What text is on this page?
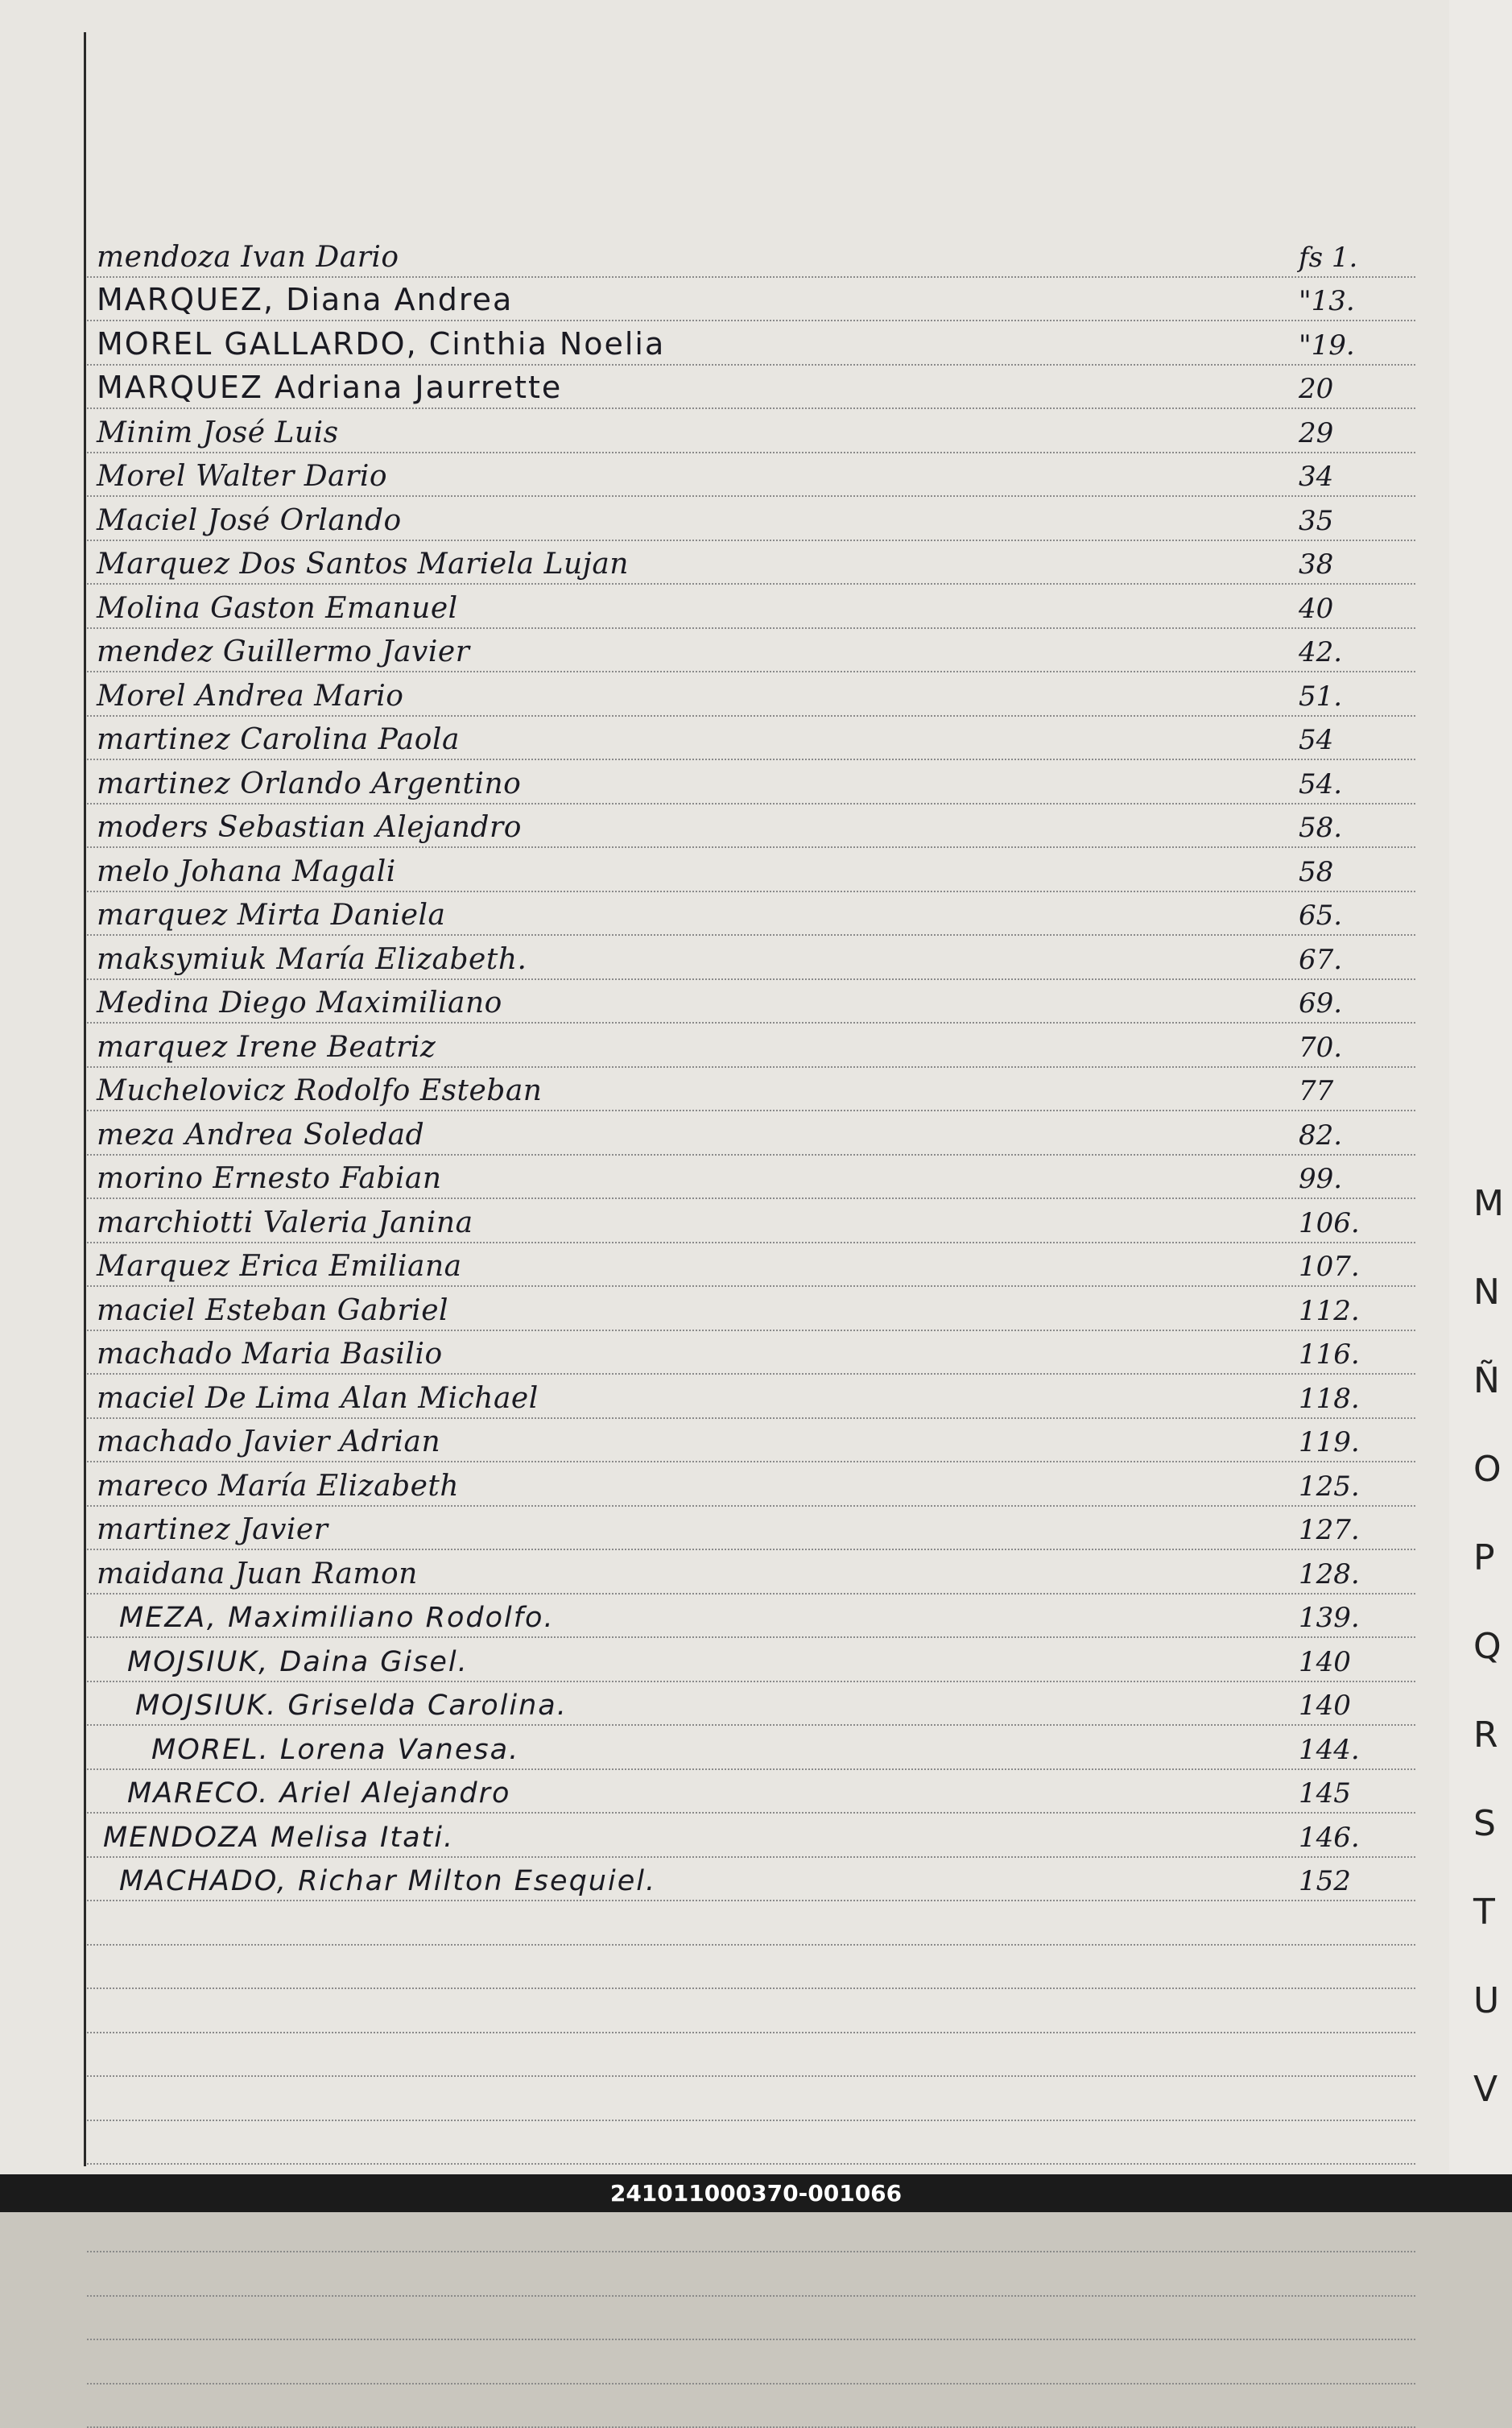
mendoza Ivan Dario	fs 1.
MARQUEZ, Diana Andrea	"13.
MOREL GALLARDO, Cinthia Noelia	"19.
MARQUEZ Adriana Jaurrette	20
Minim José Luis	29
Morel Walter Dario	34
Maciel José Orlando	35
Marquez Dos Santos Mariela Lujan	38
Molina Gaston Emanuel	40
mendez Guillermo Javier	42.
Morel Andrea Mario	51.
martinez Carolina Paola	54
martinez Orlando Argentino	54.
moders Sebastian Alejandro	58.
melo Johana Magali	58
marquez Mirta Daniela	65.
maksymiuk María Elizabeth.	67.
Medina Diego Maximiliano	69.
marquez Irene Beatriz	70.
Muchelovicz Rodolfo Esteban	77
meza Andrea Soledad	82.
morino Ernesto Fabian	99.
marchiotti Valeria Janina	106.
Marquez Erica Emiliana	107.
maciel Esteban Gabriel	112.
machado Maria Basilio	116.
maciel De Lima Alan Michael	118.
machado Javier Adrian	119.
mareco María Elizabeth	125.
martinez Javier	127.
maidana Juan Ramon	128.
MEZA, Maximiliano Rodolfo.	139.
MOJSIUK, Daina Gisel.	140
MOJSIUK. Griselda Carolina.	140
MOREL. Lorena Vanesa.	144.
MARECO. Ariel Alejandro	145
MENDOZA Melisa Itati.	146.
MACHADO, Richar Milton Esequiel.	152
M
N
Ñ
O
P
Q
R
S
T
U
V
241011000370-001066
